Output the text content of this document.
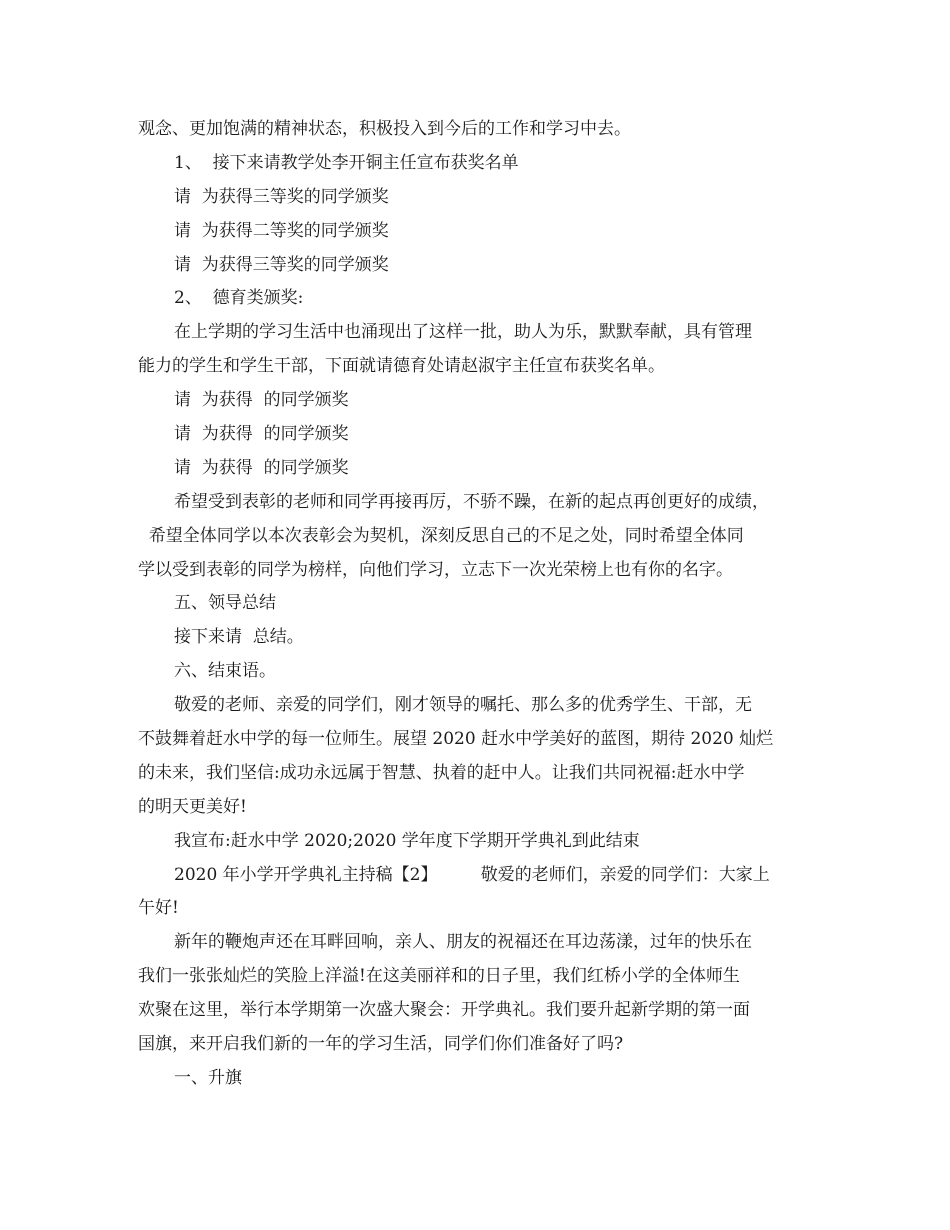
观念、更加饱满的精神状态，积极投入到今后的工作和学习中去。
1、  接下来请教学处李开铜主任宣布获奖名单
请  为获得三等奖的同学颁奖
请  为获得二等奖的同学颁奖
请  为获得三等奖的同学颁奖
2、  德育类颁奖:
在上学期的学习生活中也涌现出了这样一批，助人为乐，默默奉献，具有管理
能力的学生和学生干部，下面就请德育处请赵淑宇主任宣布获奖名单。
请  为获得  的同学颁奖
请  为获得  的同学颁奖
请  为获得  的同学颁奖
希望受到表彰的老师和同学再接再厉，不骄不躁，在新的起点再创更好的成绩，
希望全体同学以本次表彰会为契机，深刻反思自己的不足之处，同时希望全体同
学以受到表彰的同学为榜样，向他们学习，立志下一次光荣榜上也有你的名字。
五、领导总结
接下来请  总结。
六、结束语。
敬爱的老师、亲爱的同学们，刚才领导的嘱托、那么多的优秀学生、干部，无
不鼓舞着赶水中学的每一位师生。展望 2020 赶水中学美好的蓝图，期待 2020 灿烂
的未来，我们坚信:成功永远属于智慧、执着的赶中人。让我们共同祝福:赶水中学
的明天更美好!
我宣布:赶水中学 2020;2020 学年度下学期开学典礼到此结束
2020 年小学开学典礼主持稿【2】        敬爱的老师们，亲爱的同学们：大家上
午好!
新年的鞭炮声还在耳畔回响，亲人、朋友的祝福还在耳边荡漾，过年的快乐在
我们一张张灿烂的笑脸上洋溢!在这美丽祥和的日子里，我们红桥小学的全体师生
欢聚在这里，举行本学期第一次盛大聚会：开学典礼。我们要升起新学期的第一面
国旗，来开启我们新的一年的学习生活，同学们你们准备好了吗?
一、升旗
